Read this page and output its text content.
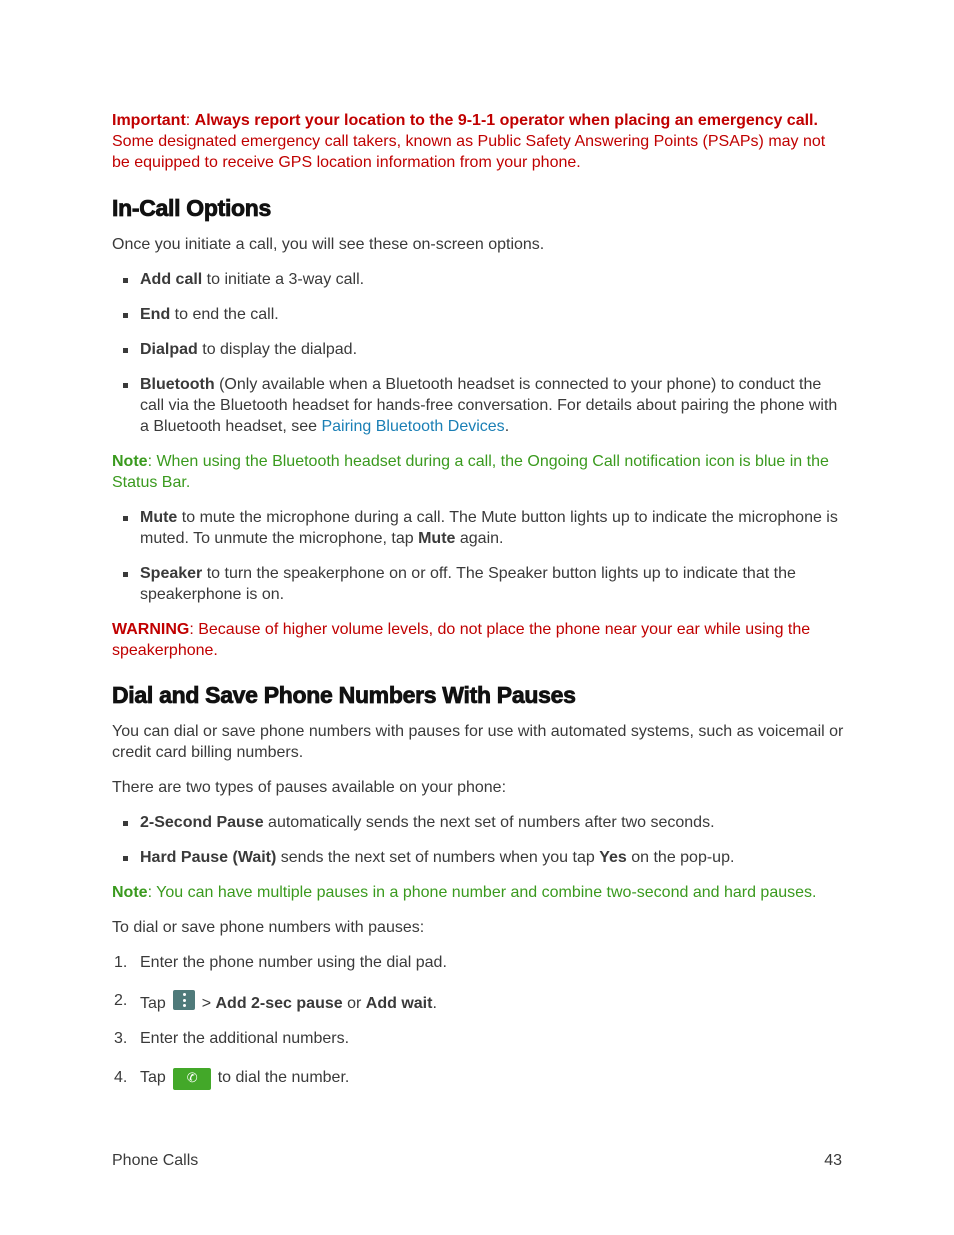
Important: Always report your location to the 9-1-1 operator when placing an emergency call. Some designated emergency call takers, known as Public Safety Answering Points (PSAPs) may not be equipped to receive GPS location information from your phone.

In-Call Options

Once you initiate a call, you will see these on-screen options.

Add call to initiate a 3-way call.
End to end the call.
Dialpad to display the dialpad.
Bluetooth (Only available when a Bluetooth headset is connected to your phone) to conduct the call via the Bluetooth headset for hands-free conversation. For details about pairing the phone with a Bluetooth headset, see Pairing Bluetooth Devices.

Note: When using the Bluetooth headset during a call, the Ongoing Call notification icon is blue in the Status Bar.

Mute to mute the microphone during a call. The Mute button lights up to indicate the microphone is muted. To unmute the microphone, tap Mute again.
Speaker to turn the speakerphone on or off. The Speaker button lights up to indicate that the speakerphone is on.

WARNING: Because of higher volume levels, do not place the phone near your ear while using the speakerphone.

Dial and Save Phone Numbers With Pauses

You can dial or save phone numbers with pauses for use with automated systems, such as voicemail or credit card billing numbers.

There are two types of pauses available on your phone:

2-Second Pause automatically sends the next set of numbers after two seconds.
Hard Pause (Wait) sends the next set of numbers when you tap Yes on the pop-up.

Note: You can have multiple pauses in a phone number and combine two-second and hard pauses.

To dial or save phone numbers with pauses:

1. Enter the phone number using the dial pad.
2. Tap
> Add 2-sec pause or Add wait.
3. Enter the additional numbers.
4. Tap ✆ to dial the number.
Phone Calls	43
